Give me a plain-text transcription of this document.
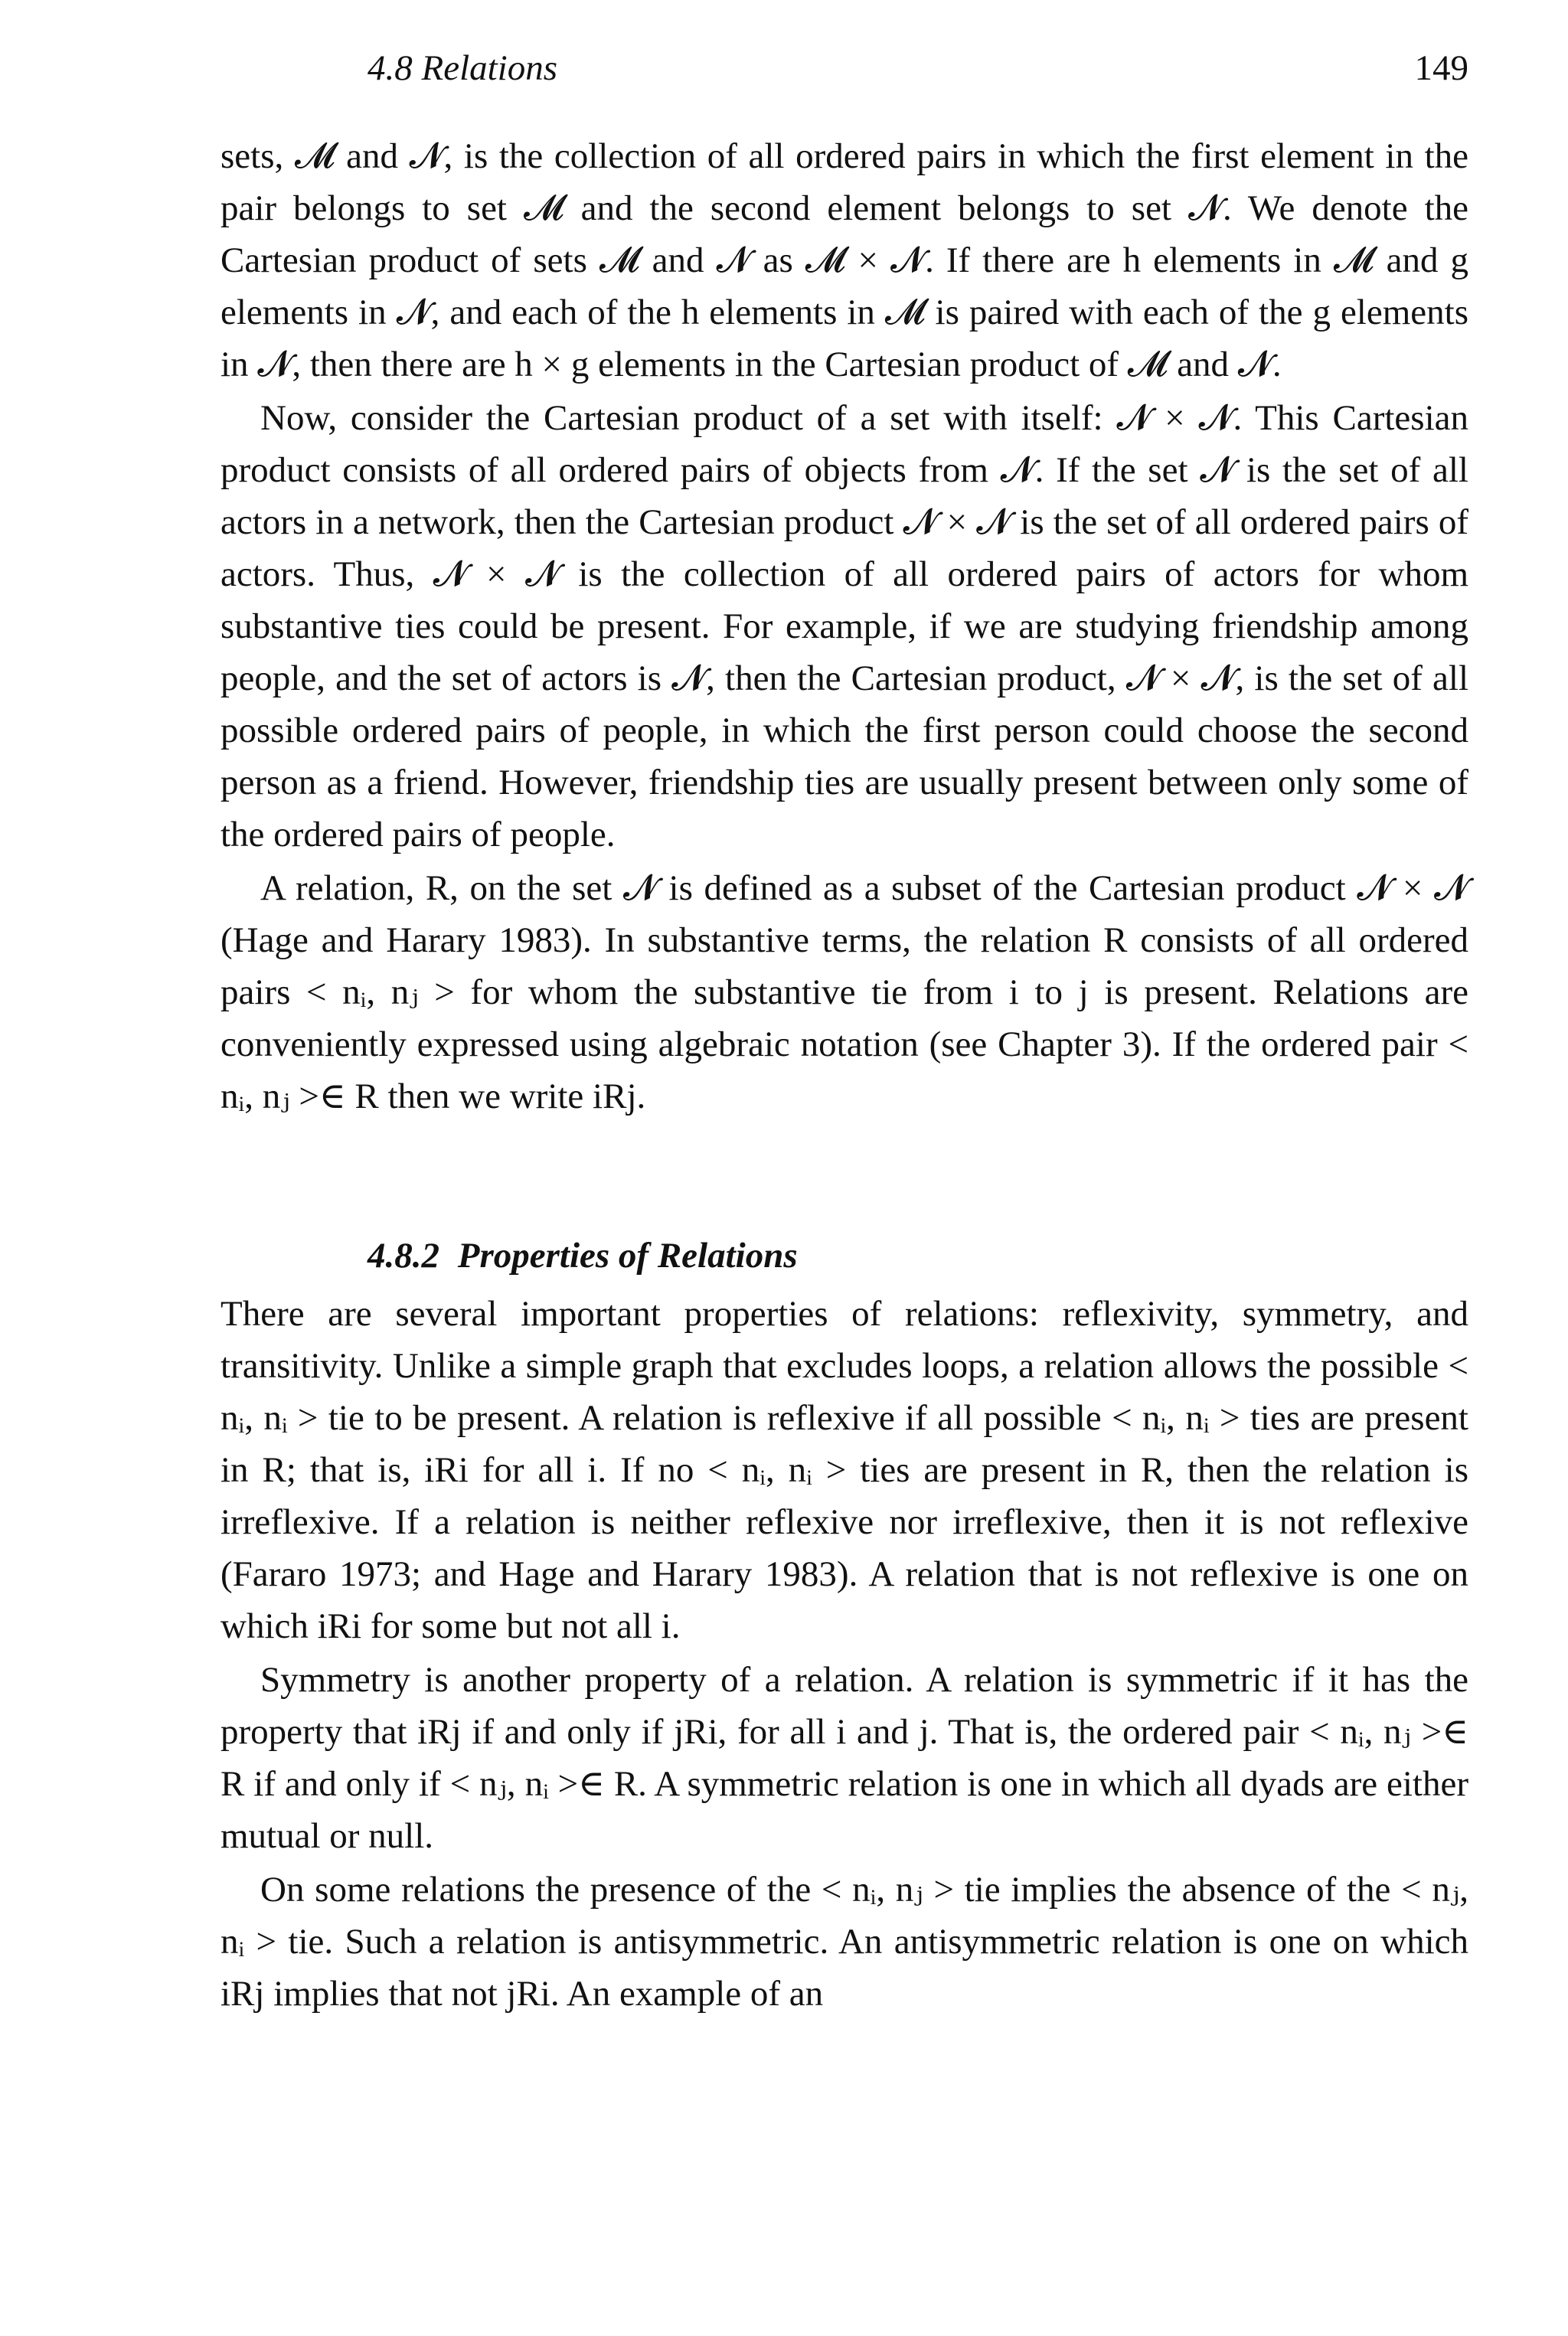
4.8 Relations	149

sets, 𝓜 and 𝓝, is the collection of all ordered pairs in which the first element in the pair belongs to set 𝓜 and the second element belongs to set 𝓝. We denote the Cartesian product of sets 𝓜 and 𝓝 as 𝓜 × 𝓝. If there are h elements in 𝓜 and g elements in 𝓝, and each of the h elements in 𝓜 is paired with each of the g elements in 𝓝, then there are h × g elements in the Cartesian product of 𝓜 and 𝓝.

Now, consider the Cartesian product of a set with itself: 𝓝 × 𝓝. This Cartesian product consists of all ordered pairs of objects from 𝓝. If the set 𝓝 is the set of all actors in a network, then the Cartesian product 𝓝 × 𝓝 is the set of all ordered pairs of actors. Thus, 𝓝 × 𝓝 is the collection of all ordered pairs of actors for whom substantive ties could be present. For example, if we are studying friendship among people, and the set of actors is 𝓝, then the Cartesian product, 𝓝 × 𝓝, is the set of all possible ordered pairs of people, in which the first person could choose the second person as a friend. However, friendship ties are usually present between only some of the ordered pairs of people.

A relation, R, on the set 𝓝 is defined as a subset of the Cartesian product 𝓝 × 𝓝 (Hage and Harary 1983). In substantive terms, the relation R consists of all ordered pairs < nᵢ, nⱼ > for whom the substantive tie from i to j is present. Relations are conveniently expressed using algebraic notation (see Chapter 3). If the ordered pair < nᵢ, nⱼ >∈ R then we write iRj.

4.8.2 Properties of Relations

There are several important properties of relations: reflexivity, symmetry, and transitivity. Unlike a simple graph that excludes loops, a relation allows the possible < nᵢ, nᵢ > tie to be present. A relation is reflexive if all possible < nᵢ, nᵢ > ties are present in R; that is, iRi for all i. If no < nᵢ, nᵢ > ties are present in R, then the relation is irreflexive. If a relation is neither reflexive nor irreflexive, then it is not reflexive (Fararo 1973; and Hage and Harary 1983). A relation that is not reflexive is one on which iRi for some but not all i.

Symmetry is another property of a relation. A relation is symmetric if it has the property that iRj if and only if jRi, for all i and j. That is, the ordered pair < nᵢ, nⱼ >∈ R if and only if < nⱼ, nᵢ >∈ R. A symmetric relation is one in which all dyads are either mutual or null.

On some relations the presence of the < nᵢ, nⱼ > tie implies the absence of the < nⱼ, nᵢ > tie. Such a relation is antisymmetric. An antisymmetric relation is one on which iRj implies that not jRi. An example of an
